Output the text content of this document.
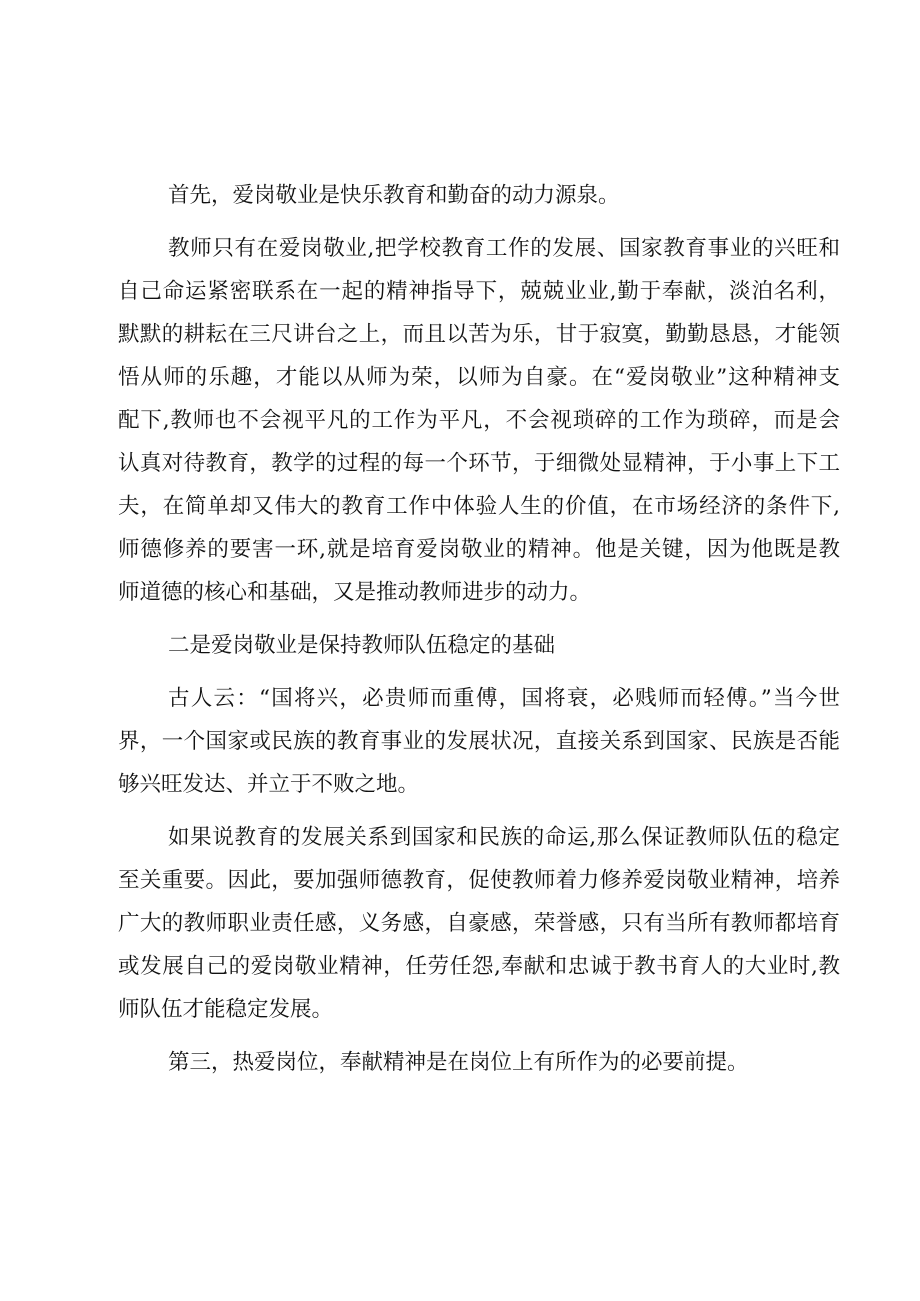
首先，爱岗敬业是快乐教育和勤奋的动力源泉。
教师只有在爱岗敬业,把学校教育工作的发展、国家教育事业的兴旺和
自己命运紧密联系在一起的精神指导下，兢兢业业,勤于奉献，淡泊名利，
默默的耕耘在三尺讲台之上，而且以苦为乐，甘于寂寞，勤勤恳恳，才能领
悟从师的乐趣，才能以从师为荣，以师为自豪。在“爱岗敬业”这种精神支
配下,教师也不会视平凡的工作为平凡，不会视琐碎的工作为琐碎，而是会
认真对待教育，教学的过程的每一个环节，于细微处显精神，于小事上下工
夫，在简单却又伟大的教育工作中体验人生的价值，在市场经济的条件下,
师德修养的要害一环,就是培育爱岗敬业的精神。他是关键，因为他既是教
师道德的核心和基础，又是推动教师进步的动力。
二是爱岗敬业是保持教师队伍稳定的基础
古人云：“国将兴，必贵师而重傅，国将衰，必贱师而轻傅。”当今世
界，一个国家或民族的教育事业的发展状况，直接关系到国家、民族是否能
够兴旺发达、并立于不败之地。
如果说教育的发展关系到国家和民族的命运,那么保证教师队伍的稳定
至关重要。因此，要加强师德教育，促使教师着力修养爱岗敬业精神，培养
广大的教师职业责任感，义务感，自豪感，荣誉感，只有当所有教师都培育
或发展自己的爱岗敬业精神，任劳任怨,奉献和忠诚于教书育人的大业时,教
师队伍才能稳定发展。
第三，热爱岗位，奉献精神是在岗位上有所作为的必要前提。
